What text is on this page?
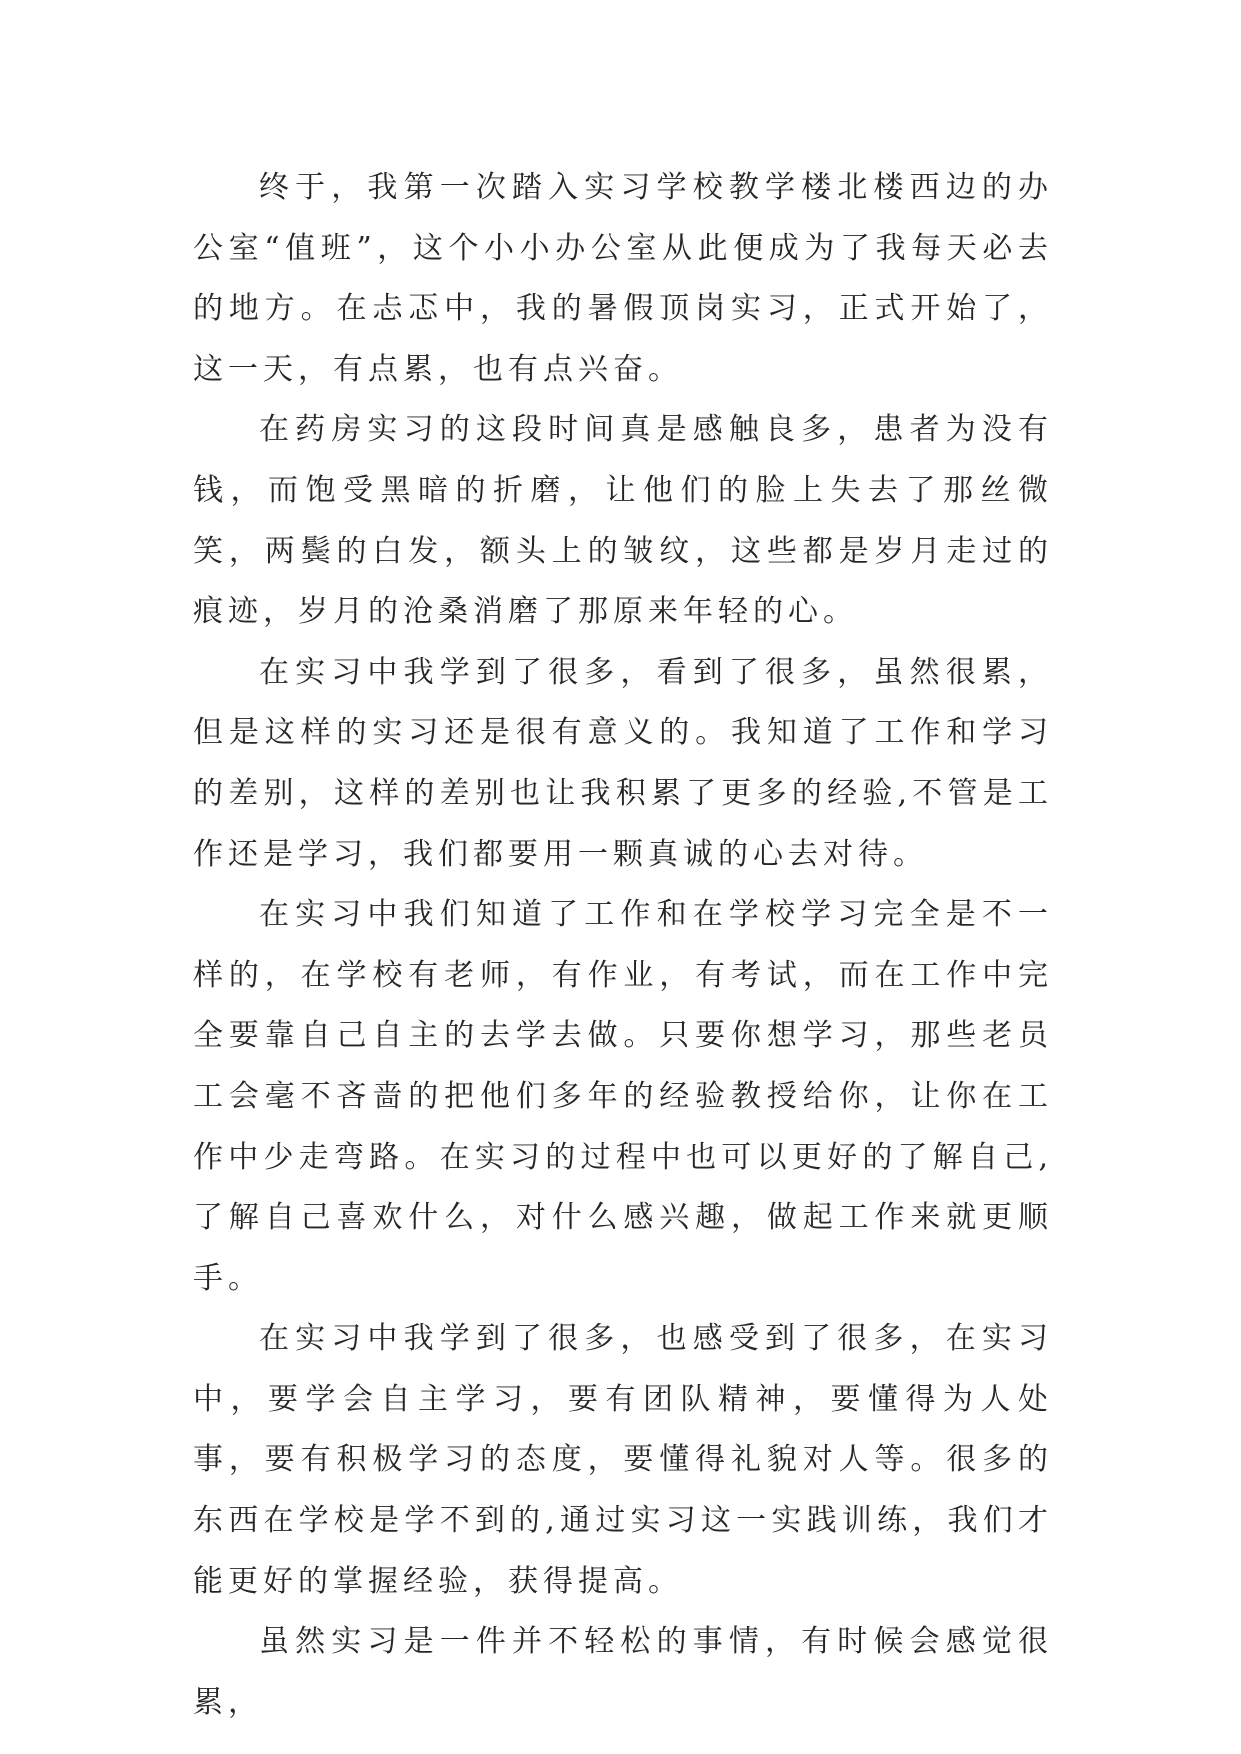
终于，我第一次踏入实习学校教学楼北楼西边的办公室“值班”，这个小小办公室从此便成为了我每天必去的地方。在忐忑中，我的暑假顶岗实习，正式开始了，这一天，有点累，也有点兴奋。

在药房实习的这段时间真是感触良多，患者为没有钱，而饱受黑暗的折磨，让他们的脸上失去了那丝微笑，两鬓的白发，额头上的皱纹，这些都是岁月走过的痕迹，岁月的沧桑消磨了那原来年轻的心。

在实习中我学到了很多，看到了很多，虽然很累，但是这样的实习还是很有意义的。我知道了工作和学习的差别，这样的差别也让我积累了更多的经验,不管是工作还是学习，我们都要用一颗真诚的心去对待。

在实习中我们知道了工作和在学校学习完全是不一样的，在学校有老师，有作业，有考试，而在工作中完全要靠自己自主的去学去做。只要你想学习，那些老员工会毫不吝啬的把他们多年的经验教授给你，让你在工作中少走弯路。在实习的过程中也可以更好的了解自己,了解自己喜欢什么，对什么感兴趣，做起工作来就更顺手。

在实习中我学到了很多，也感受到了很多，在实习中，要学会自主学习，要有团队精神，要懂得为人处事，要有积极学习的态度，要懂得礼貌对人等。很多的东西在学校是学不到的,通过实习这一实践训练，我们才能更好的掌握经验，获得提高。

虽然实习是一件并不轻松的事情，有时候会感觉很累，
